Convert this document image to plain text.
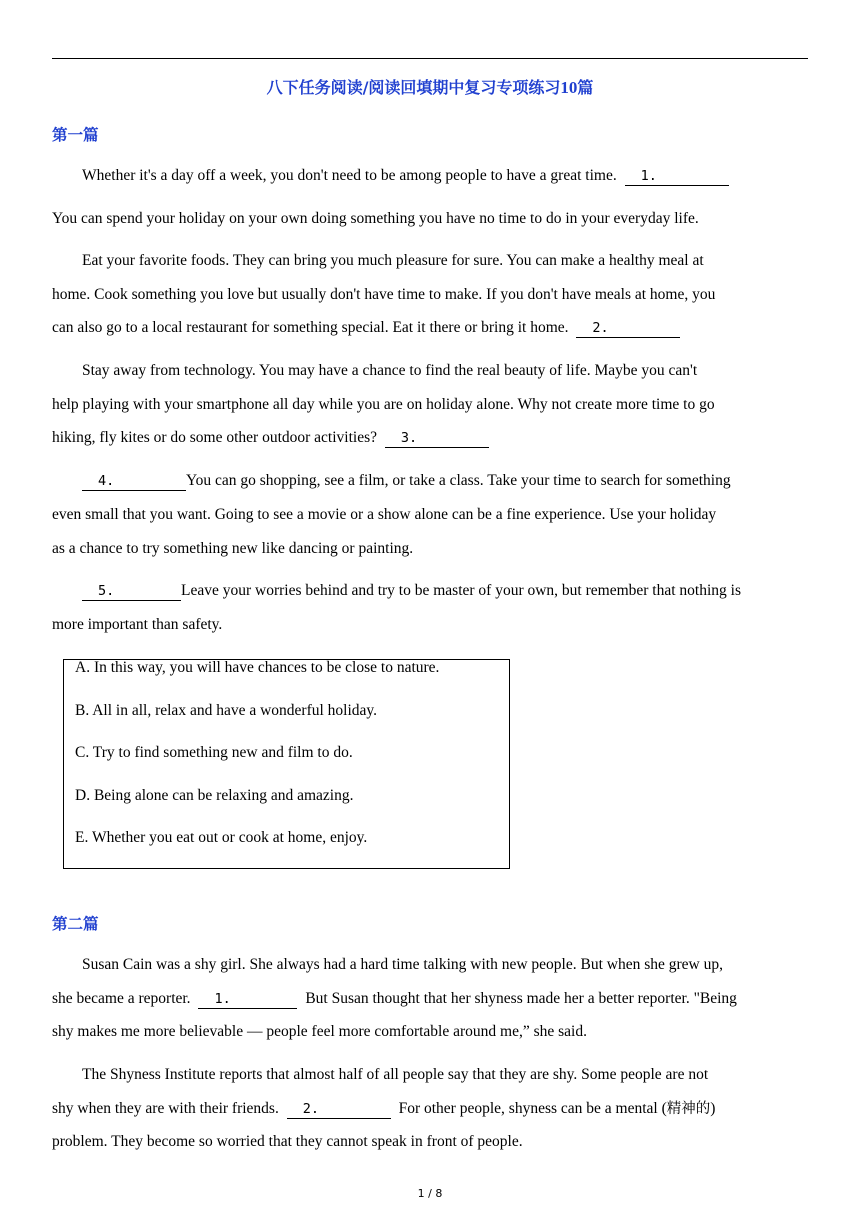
八下任务阅读/阅读回填期中复习专项练习10篇
第一篇
Whether it's a day off a week, you don't need to be among people to have a great time. 1.
You can spend your holiday on your own doing something you have no time to do in your everyday life.
Eat your favorite foods. They can bring you much pleasure for sure. You can make a healthy meal at
home. Cook something you love but usually don't have time to make. If you don't have meals at home, you
can also go to a local restaurant for something special. Eat it there or bring it home. 2.
Stay away from technology. You may have a chance to find the real beauty of life. Maybe you can't
help playing with your smartphone all day while you are on holiday alone. Why not create more time to go
hiking, fly kites or do some other outdoor activities? 3.
4.	You can go shopping, see a film, or take a class. Take your time to search for something
even small that you want. Going to see a movie or a show alone can be a fine experience. Use your holiday
as a chance to try something new like dancing or painting.
5.	Leave your worries behind and try to be master of your own, but remember that nothing is
more important than safety.
A. In this way, you will have chances to be close to nature.
B. All in all, relax and have a wonderful holiday.
C. Try to find something new and film to do.
D. Being alone can be relaxing and amazing.
E. Whether you eat out or cook at home, enjoy.
第二篇
Susan Cain was a shy girl. She always had a hard time talking with new people. But when she grew up,
she became a reporter. 1.	But Susan thought that her shyness made her a better reporter. "Being
shy makes me more believable — people feel more comfortable around me,” she said.
The Shyness Institute reports that almost half of all people say that they are shy. Some people are not
shy when they are with their friends. 2.	For other people, shyness can be a mental (精神的)
problem. They become so worried that they cannot speak in front of people.
1 / 8
